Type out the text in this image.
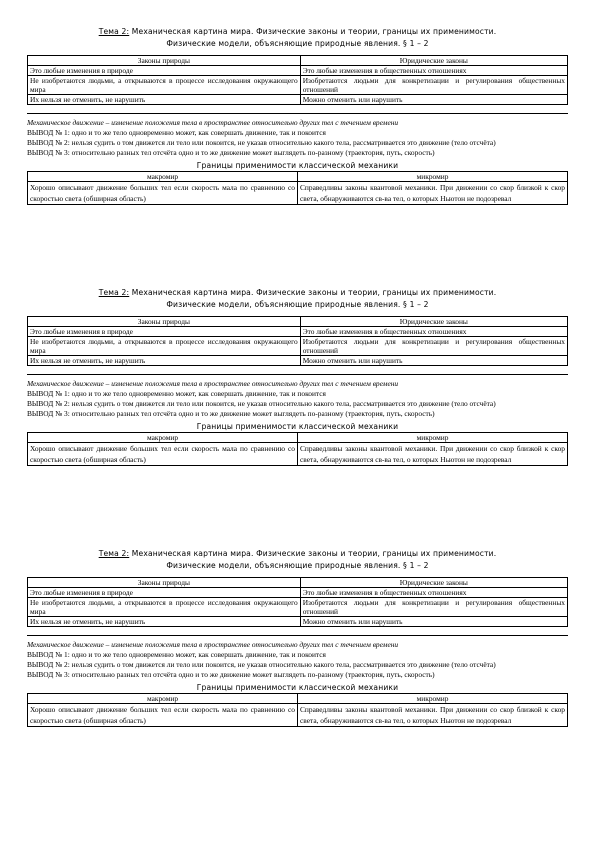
Тема 2: Механическая картина мира. Физические законы и теории, границы их применимости.
Физические модели, объясняющие природные явления. § 1 – 2
Законы природы	Юридические законы
Это любые изменения в природе	Это любые изменения в общественных отношениях
Не изобретаются людьми, а открываются в процессе исследования окружающего мира	Изобретаются людьми для конкретизации и регулирования общественных отношений
Их нельзя не отменить, не нарушить	Можно отменить или нарушить

Механическое движение – изменение положения тела в пространстве относительно других тел с течением времени

ВЫВОД № 1: одно и то же тело одновременно может, как совершать движение, так и покоится

ВЫВОД № 2: нельзя судить о том движется ли тело или покоится, не указав относительно какого тела, рассматривается это движение (тело отсчёта)

ВЫВОД № 3: относительно разных тел отсчёта одно и то же движение может выглядеть по-разному (траектория, путь, скорость)

Границы применимости классической механики
макромир	микромир
Хорошо описывают движение больших тел если скорость мала по сравнению со скоростью света (обширная область)	Справедливы законы квантовой механики. При движении со скор близкой к скор света, обнаруживаются св-ва тел, о которых Ньютон не подозревал
Тема 2: Механическая картина мира. Физические законы и теории, границы их применимости.
Физические модели, объясняющие природные явления. § 1 – 2
Законы природы	Юридические законы
Это любые изменения в природе	Это любые изменения в общественных отношениях
Не изобретаются людьми, а открываются в процессе исследования окружающего мира	Изобретаются людьми для конкретизации и регулирования общественных отношений
Их нельзя не отменить, не нарушить	Можно отменить или нарушить

Механическое движение – изменение положения тела в пространстве относительно других тел с течением времени

ВЫВОД № 1: одно и то же тело одновременно может, как совершать движение, так и покоится

ВЫВОД № 2: нельзя судить о том движется ли тело или покоится, не указав относительно какого тела, рассматривается это движение (тело отсчёта)

ВЫВОД № 3: относительно разных тел отсчёта одно и то же движение может выглядеть по-разному (траектория, путь, скорость)

Границы применимости классической механики
макромир	микромир
Хорошо описывают движение больших тел если скорость мала по сравнению со скоростью света (обширная область)	Справедливы законы квантовой механики. При движении со скор близкой к скор света, обнаруживаются св-ва тел, о которых Ньютон не подозревал
Тема 2: Механическая картина мира. Физические законы и теории, границы их применимости.
Физические модели, объясняющие природные явления. § 1 – 2
Законы природы	Юридические законы
Это любые изменения в природе	Это любые изменения в общественных отношениях
Не изобретаются людьми, а открываются в процессе исследования окружающего мира	Изобретаются людьми для конкретизации и регулирования общественных отношений
Их нельзя не отменить, не нарушить	Можно отменить или нарушить

Механическое движение – изменение положения тела в пространстве относительно других тел с течением времени

ВЫВОД № 1: одно и то же тело одновременно может, как совершать движение, так и покоится

ВЫВОД № 2: нельзя судить о том движется ли тело или покоится, не указав относительно какого тела, рассматривается это движение (тело отсчёта)

ВЫВОД № 3: относительно разных тел отсчёта одно и то же движение может выглядеть по-разному (траектория, путь, скорость)

Границы применимости классической механики
макромир	микромир
Хорошо описывают движение больших тел если скорость мала по сравнению со скоростью света (обширная область)	Справедливы законы квантовой механики. При движении со скор близкой к скор света, обнаруживаются св-ва тел, о которых Ньютон не подозревал
